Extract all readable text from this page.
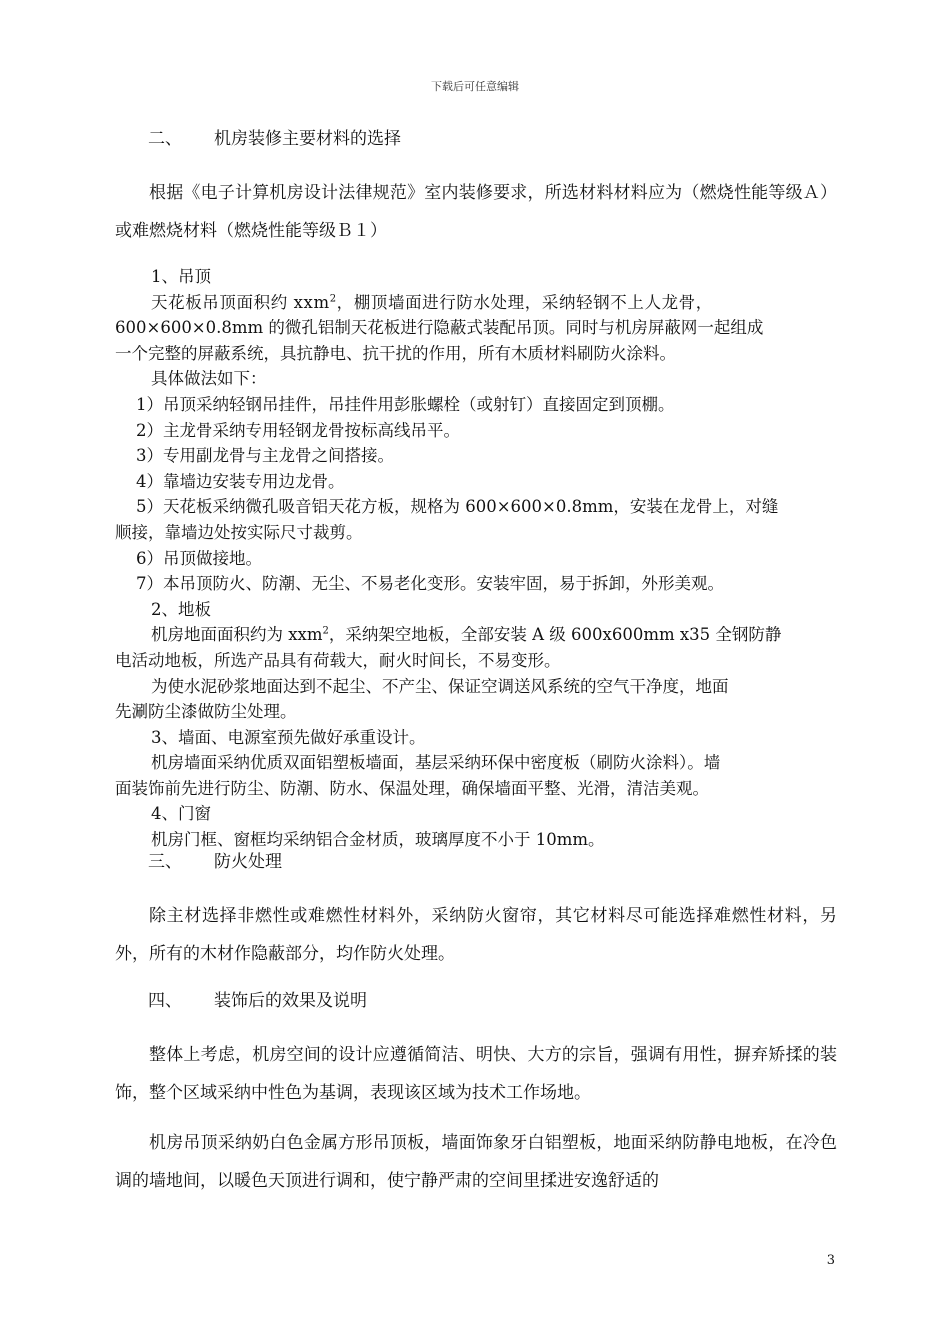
下载后可任意编辑
二、 机房装修主要材料的选择
根据《电子计算机房设计法律规范》室内装修要求，所选材料材料应为（燃烧性能等级Ａ）或难燃烧材料（燃烧性能等级Ｂ１）
1、吊顶
天花板吊顶面积约 xxm$^2$，棚顶墙面进行防水处理，采纳轻钢不上人龙骨，
600×600×0.8mm 的微孔铝制天花板进行隐蔽式装配吊顶。同时与机房屏蔽网一起组成
一个完整的屏蔽系统，具抗静电、抗干扰的作用，所有木质材料刷防火涂料。
具体做法如下：
1）吊顶采纳轻钢吊挂件，吊挂件用彭胀螺栓（或射钉）直接固定到顶棚。
2）主龙骨采纳专用轻钢龙骨按标高线吊平。
3）专用副龙骨与主龙骨之间搭接。
4）靠墙边安装专用边龙骨。
5）天花板采纳微孔吸音铝天花方板，规格为 600×600×0.8mm，安装在龙骨上，对缝
顺接，靠墙边处按实际尺寸裁剪。
6）吊顶做接地。
7）本吊顶防火、防潮、无尘、不易老化变形。安装牢固，易于拆卸，外形美观。
2、地板
机房地面面积约为 xxm$^2$，采纳架空地板，全部安装 A 级 600x600mm x35 全钢防静
电活动地板，所选产品具有荷载大，耐火时间长，不易变形。
为使水泥砂浆地面达到不起尘、不产尘、保证空调送风系统的空气干净度，地面
先涮防尘漆做防尘处理。
3、墙面、电源室预先做好承重设计。
机房墙面采纳优质双面铝塑板墙面，基层采纳环保中密度板（刷防火涂料）。墙
面装饰前先进行防尘、防潮、防水、保温处理，确保墙面平整、光滑，清洁美观。
4、门窗
机房门框、窗框均采纳铝合金材质，玻璃厚度不小于 10mm。
三、 防火处理
除主材选择非燃性或难燃性材料外，采纳防火窗帘，其它材料尽可能选择难燃性材料，另外，所有的木材作隐蔽部分，均作防火处理。
四、 装饰后的效果及说明
整体上考虑，机房空间的设计应遵循简洁、明快、大方的宗旨，强调有用性，摒弃矫揉的装饰，整个区域采纳中性色为基调，表现该区域为技术工作场地。
机房吊顶采纳奶白色金属方形吊顶板，墙面饰象牙白铝塑板，地面采纳防静电地板，在冷色调的墙地间，以暖色天顶进行调和，使宁静严肃的空间里揉进安逸舒适的
3
